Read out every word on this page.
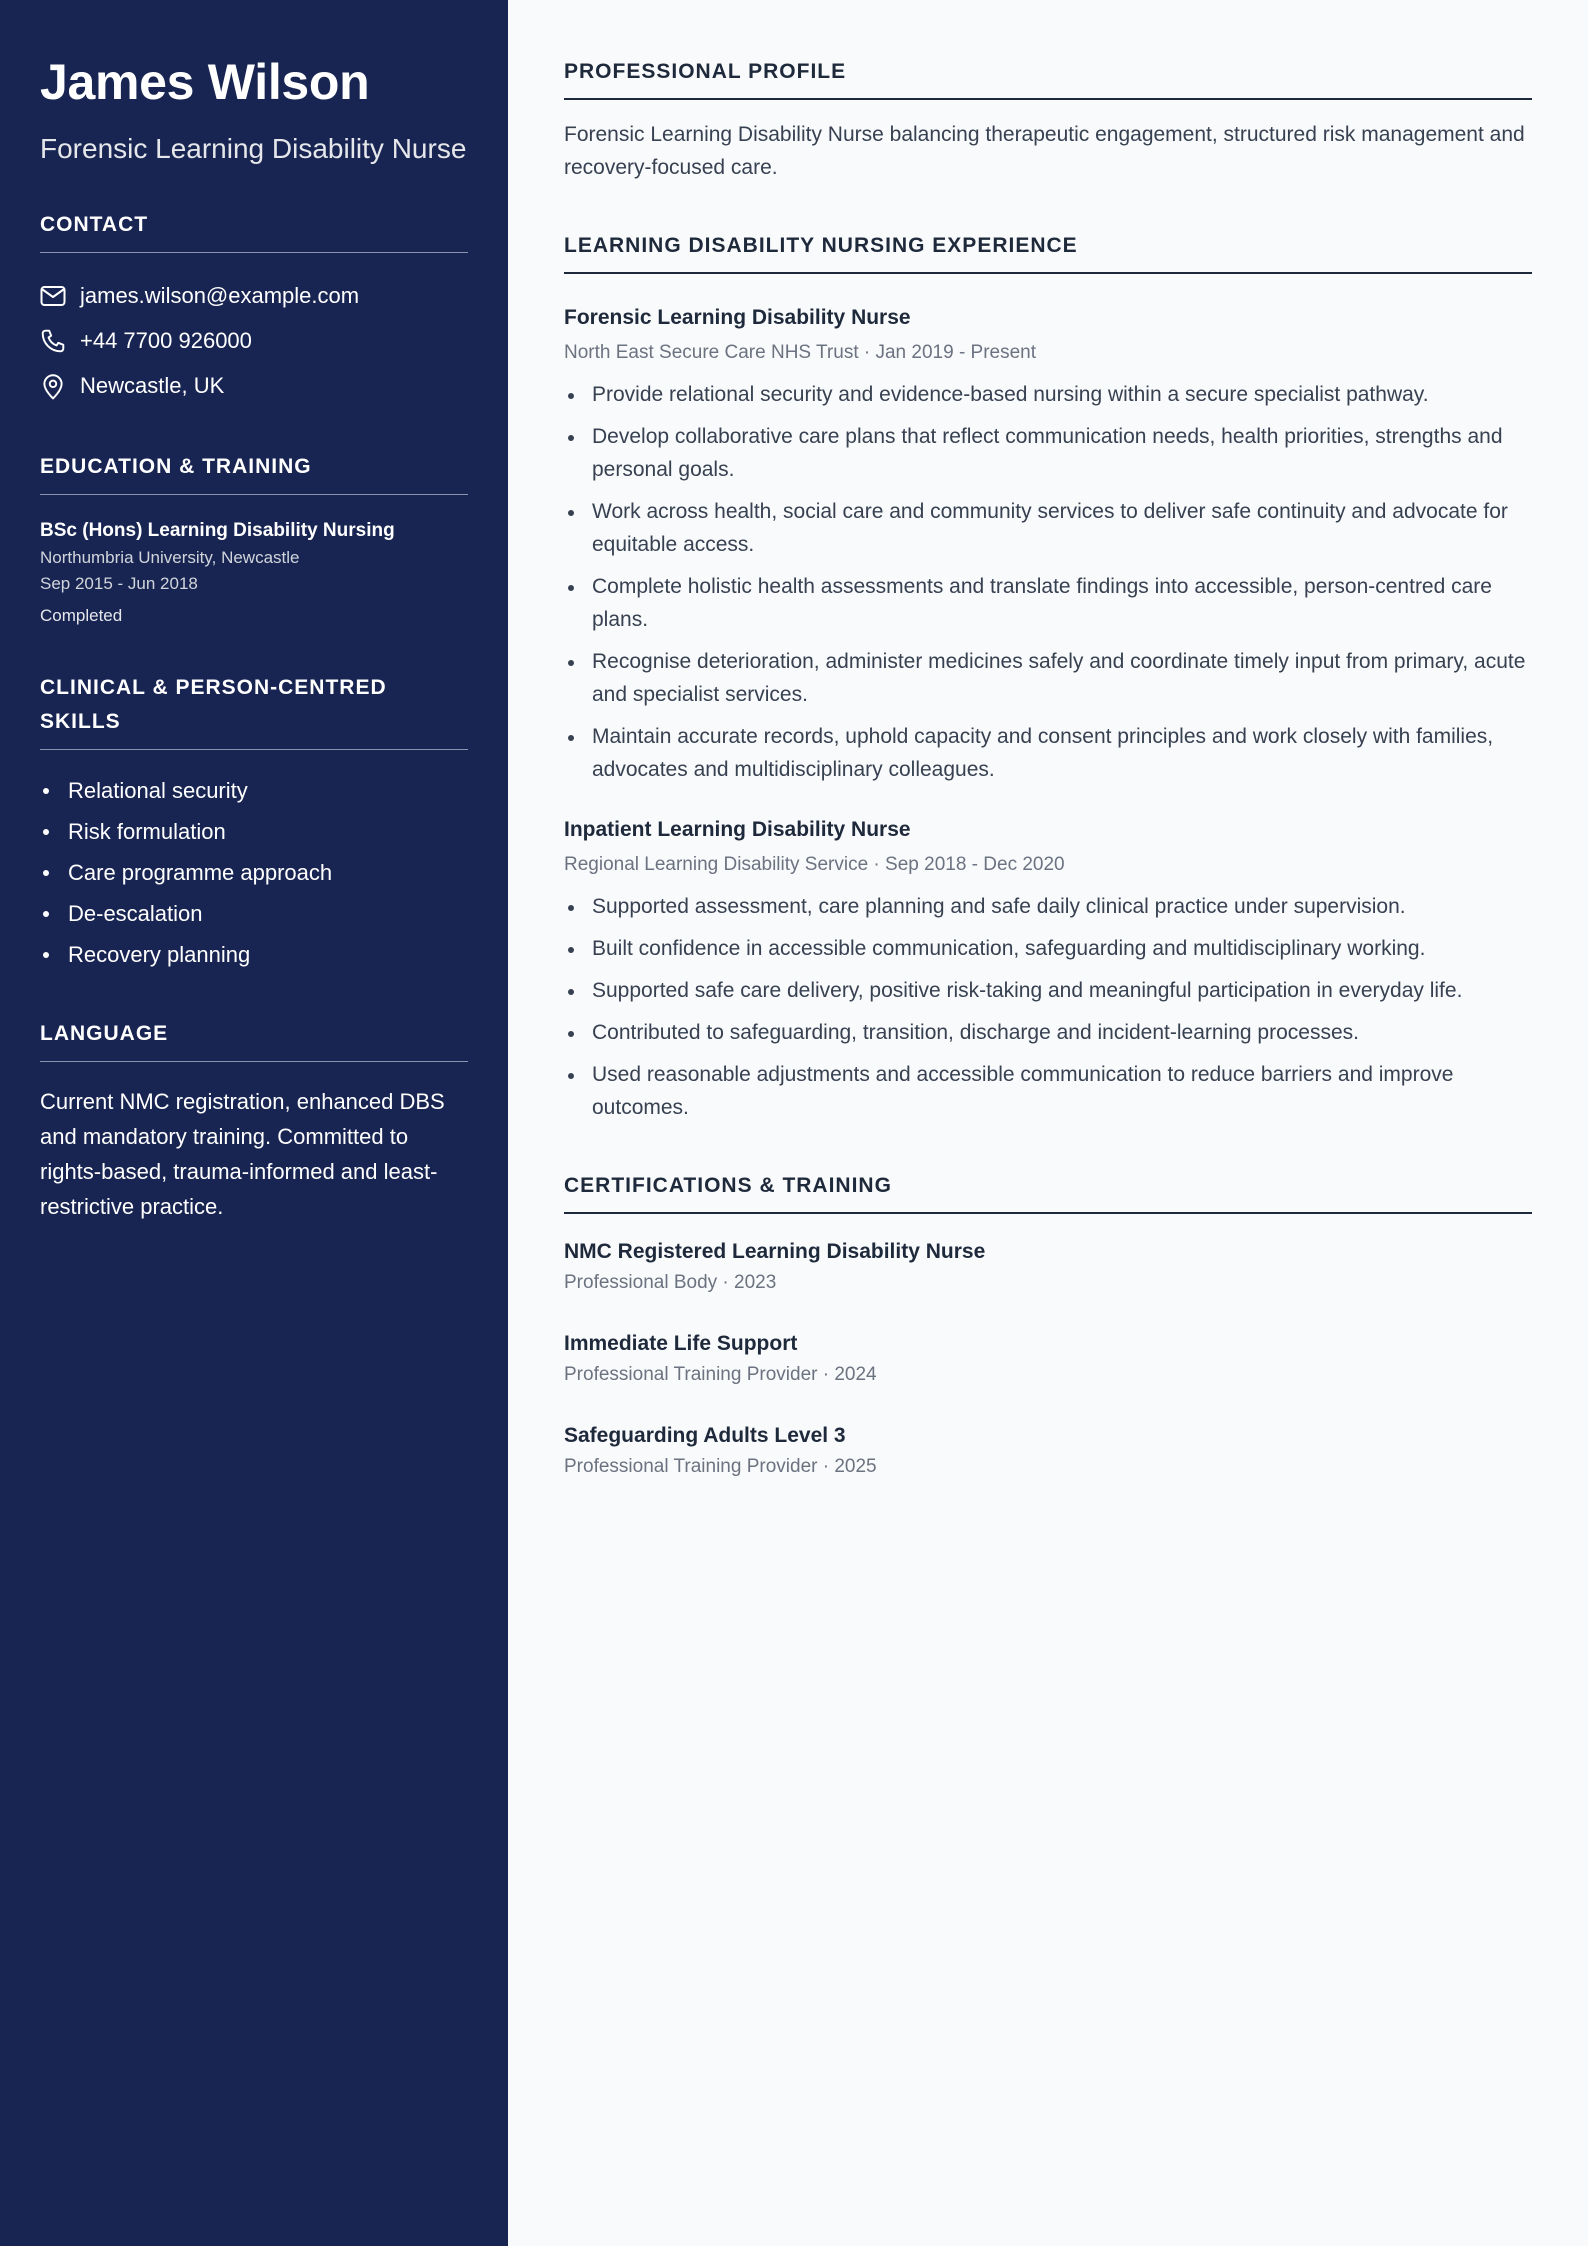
James Wilson
Forensic Learning Disability Nurse
CONTACT
james.wilson@example.com
+44 7700 926000
Newcastle, UK
EDUCATION & TRAINING
BSc (Hons) Learning Disability Nursing
Northumbria University, Newcastle
Sep 2015 - Jun 2018
Completed
CLINICAL & PERSON-CENTRED SKILLS
Relational security
Risk formulation
Care programme approach
De-escalation
Recovery planning
LANGUAGE

Current NMC registration, enhanced DBS and mandatory training. Committed to rights-based, trauma-informed and least-restrictive practice.

PROFESSIONAL PROFILE

Forensic Learning Disability Nurse balancing therapeutic engagement, structured risk management and recovery-focused care.

LEARNING DISABILITY NURSING EXPERIENCE
Forensic Learning Disability Nurse
North East Secure Care NHS Trust · Jan 2019 - Present
Provide relational security and evidence-based nursing within a secure specialist pathway.
Develop collaborative care plans that reflect communication needs, health priorities, strengths and personal goals.
Work across health, social care and community services to deliver safe continuity and advocate for equitable access.
Complete holistic health assessments and translate findings into accessible, person-centred care plans.
Recognise deterioration, administer medicines safely and coordinate timely input from primary, acute and specialist services.
Maintain accurate records, uphold capacity and consent principles and work closely with families, advocates and multidisciplinary colleagues.
Inpatient Learning Disability Nurse
Regional Learning Disability Service · Sep 2018 - Dec 2020
Supported assessment, care planning and safe daily clinical practice under supervision.
Built confidence in accessible communication, safeguarding and multidisciplinary working.
Supported safe care delivery, positive risk-taking and meaningful participation in everyday life.
Contributed to safeguarding, transition, discharge and incident-learning processes.
Used reasonable adjustments and accessible communication to reduce barriers and improve outcomes.
CERTIFICATIONS & TRAINING
NMC Registered Learning Disability Nurse
Professional Body · 2023
Immediate Life Support
Professional Training Provider · 2024
Safeguarding Adults Level 3
Professional Training Provider · 2025
